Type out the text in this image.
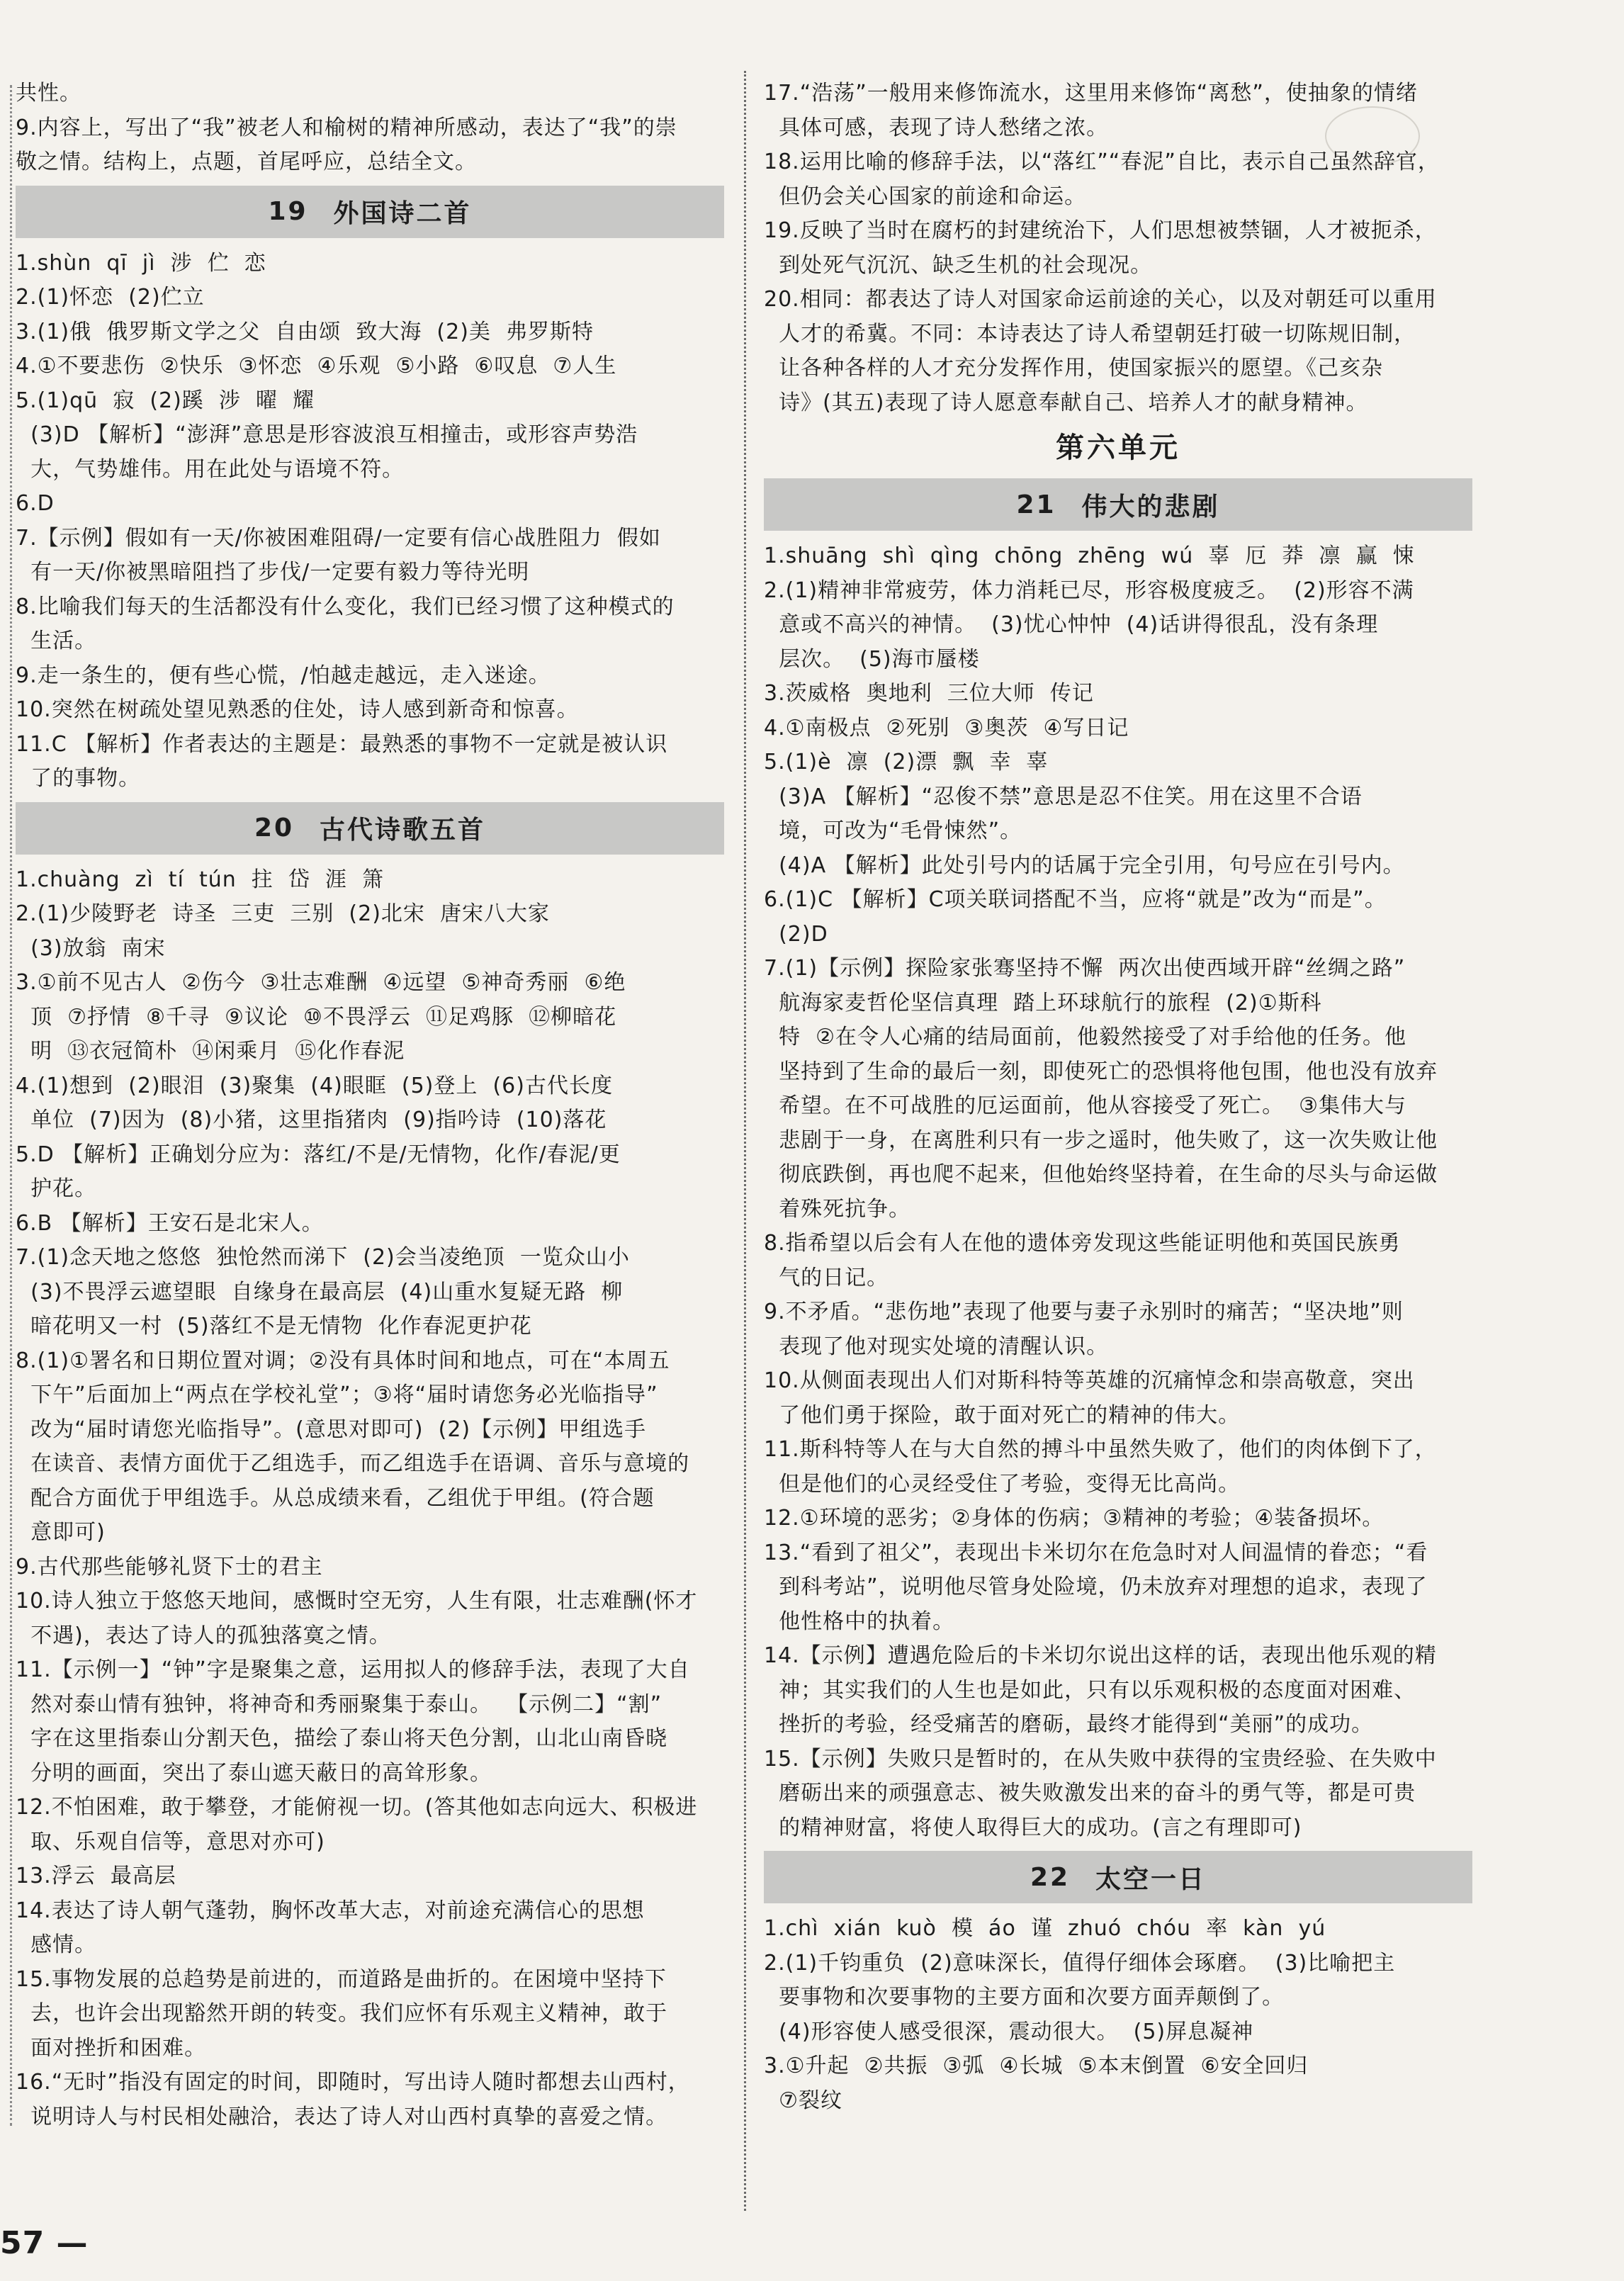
共性。
9.内容上，写出了“我”被老人和榆树的精神所感动，表达了“我”的崇
敬之情。结构上，点题，首尾呼应，总结全文。
19 外国诗二首
1.shùn  qī  jì  涉  伫  恋
2.(1)怀恋  (2)伫立
3.(1)俄  俄罗斯文学之父  自由颂  致大海  (2)美  弗罗斯特
4.①不要悲伤  ②快乐  ③怀恋  ④乐观  ⑤小路  ⑥叹息  ⑦人生
5.(1)qū  寂  (2)蹊  涉  曜  耀
(3)D 【解析】“澎湃”意思是形容波浪互相撞击，或形容声势浩
大，气势雄伟。用在此处与语境不符。
6.D
7.【示例】假如有一天/你被困难阻碍/一定要有信心战胜阻力  假如
有一天/你被黑暗阻挡了步伐/一定要有毅力等待光明
8.比喻我们每天的生活都没有什么变化，我们已经习惯了这种模式的
生活。
9.走一条生的，便有些心慌，/怕越走越远，走入迷途。
10.突然在树疏处望见熟悉的住处，诗人感到新奇和惊喜。
11.C 【解析】作者表达的主题是：最熟悉的事物不一定就是被认识
了的事物。
20 古代诗歌五首
1.chuàng  zì  tí  tún  拄  岱  涯  箫
2.(1)少陵野老  诗圣  三吏  三别  (2)北宋  唐宋八大家
(3)放翁  南宋
3.①前不见古人  ②伤今  ③壮志难酬  ④远望  ⑤神奇秀丽  ⑥绝
顶  ⑦抒情  ⑧千寻  ⑨议论  ⑩不畏浮云  ⑪足鸡豚  ⑫柳暗花
明  ⑬衣冠简朴  ⑭闲乘月  ⑮化作春泥
4.(1)想到  (2)眼泪  (3)聚集  (4)眼眶  (5)登上  (6)古代长度
单位  (7)因为  (8)小猪，这里指猪肉  (9)指吟诗  (10)落花
5.D 【解析】正确划分应为：落红/不是/无情物，化作/春泥/更
护花。
6.B 【解析】王安石是北宋人。
7.(1)念天地之悠悠  独怆然而涕下  (2)会当凌绝顶  一览众山小
(3)不畏浮云遮望眼  自缘身在最高层  (4)山重水复疑无路  柳
暗花明又一村  (5)落红不是无情物  化作春泥更护花
8.(1)①署名和日期位置对调；②没有具体时间和地点，可在“本周五
下午”后面加上“两点在学校礼堂”；③将“届时请您务必光临指导”
改为“届时请您光临指导”。(意思对即可)  (2)【示例】甲组选手
在读音、表情方面优于乙组选手，而乙组选手在语调、音乐与意境的
配合方面优于甲组选手。从总成绩来看，乙组优于甲组。(符合题
意即可)
9.古代那些能够礼贤下士的君主
10.诗人独立于悠悠天地间，感慨时空无穷，人生有限，壮志难酬(怀才
不遇)，表达了诗人的孤独落寞之情。
11.【示例一】“钟”字是聚集之意，运用拟人的修辞手法，表现了大自
然对泰山情有独钟，将神奇和秀丽聚集于泰山。  【示例二】“割”
字在这里指泰山分割天色，描绘了泰山将天色分割，山北山南昏晓
分明的画面，突出了泰山遮天蔽日的高耸形象。
12.不怕困难，敢于攀登，才能俯视一切。(答其他如志向远大、积极进
取、乐观自信等，意思对亦可)
13.浮云  最高层
14.表达了诗人朝气蓬勃，胸怀改革大志，对前途充满信心的思想
感情。
15.事物发展的总趋势是前进的，而道路是曲折的。在困境中坚持下
去，也许会出现豁然开朗的转变。我们应怀有乐观主义精神，敢于
面对挫折和困难。
16.“无时”指没有固定的时间，即随时，写出诗人随时都想去山西村，
说明诗人与村民相处融洽，表达了诗人对山西村真挚的喜爱之情。
17.“浩荡”一般用来修饰流水，这里用来修饰“离愁”，使抽象的情绪
具体可感，表现了诗人愁绪之浓。
18.运用比喻的修辞手法，以“落红”“春泥”自比，表示自己虽然辞官，
但仍会关心国家的前途和命运。
19.反映了当时在腐朽的封建统治下，人们思想被禁锢，人才被扼杀，
到处死气沉沉、缺乏生机的社会现况。
20.相同：都表达了诗人对国家命运前途的关心，以及对朝廷可以重用
人才的希冀。不同：本诗表达了诗人希望朝廷打破一切陈规旧制，
让各种各样的人才充分发挥作用，使国家振兴的愿望。《己亥杂
诗》(其五)表现了诗人愿意奉献自己、培养人才的献身精神。
第六单元
21 伟大的悲剧
1.shuāng  shì  qìng  chōng  zhēng  wú  辜  厄  莽  凛  赢  悚
2.(1)精神非常疲劳，体力消耗已尽，形容极度疲乏。  (2)形容不满
意或不高兴的神情。  (3)忧心忡忡  (4)话讲得很乱，没有条理
层次。  (5)海市蜃楼
3.茨威格  奥地利  三位大师  传记
4.①南极点  ②死别  ③奥茨  ④写日记
5.(1)è  凛  (2)漂  飘  幸  辜
(3)A 【解析】“忍俊不禁”意思是忍不住笑。用在这里不合语
境，可改为“毛骨悚然”。
(4)A 【解析】此处引号内的话属于完全引用，句号应在引号内。
6.(1)C 【解析】C项关联词搭配不当，应将“就是”改为“而是”。
(2)D
7.(1)【示例】探险家张骞坚持不懈  两次出使西域开辟“丝绸之路”
航海家麦哲伦坚信真理  踏上环球航行的旅程  (2)①斯科
特  ②在令人心痛的结局面前，他毅然接受了对手给他的任务。他
坚持到了生命的最后一刻，即使死亡的恐惧将他包围，他也没有放弃
希望。在不可战胜的厄运面前，他从容接受了死亡。  ③集伟大与
悲剧于一身，在离胜利只有一步之遥时，他失败了，这一次失败让他
彻底跌倒，再也爬不起来，但他始终坚持着，在生命的尽头与命运做
着殊死抗争。
8.指希望以后会有人在他的遗体旁发现这些能证明他和英国民族勇
气的日记。
9.不矛盾。“悲伤地”表现了他要与妻子永别时的痛苦；“坚决地”则
表现了他对现实处境的清醒认识。
10.从侧面表现出人们对斯科特等英雄的沉痛悼念和崇高敬意，突出
了他们勇于探险，敢于面对死亡的精神的伟大。
11.斯科特等人在与大自然的搏斗中虽然失败了，他们的肉体倒下了，
但是他们的心灵经受住了考验，变得无比高尚。
12.①环境的恶劣；②身体的伤病；③精神的考验；④装备损坏。
13.“看到了祖父”，表现出卡米切尔在危急时对人间温情的眷恋；“看
到科考站”，说明他尽管身处险境，仍未放弃对理想的追求，表现了
他性格中的执着。
14.【示例】遭遇危险后的卡米切尔说出这样的话，表现出他乐观的精
神；其实我们的人生也是如此，只有以乐观积极的态度面对困难、
挫折的考验，经受痛苦的磨砺，最终才能得到“美丽”的成功。
15.【示例】失败只是暂时的，在从失败中获得的宝贵经验、在失败中
磨砺出来的顽强意志、被失败激发出来的奋斗的勇气等，都是可贵
的精神财富，将使人取得巨大的成功。(言之有理即可)
22 太空一日
1.chì  xián  kuò  模  áo  谨  zhuó  chóu  率  kàn  yú
2.(1)千钧重负  (2)意味深长，值得仔细体会琢磨。  (3)比喻把主
要事物和次要事物的主要方面和次要方面弄颠倒了。
(4)形容使人感受很深，震动很大。  (5)屏息凝神
3.①升起  ②共振  ③弧  ④长城  ⑤本末倒置  ⑥安全回归
⑦裂纹
57 —
